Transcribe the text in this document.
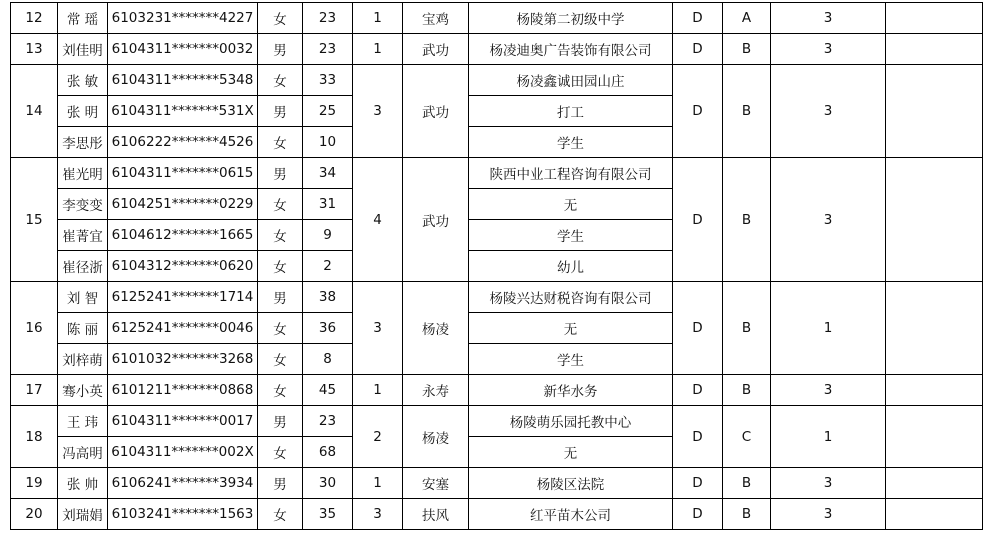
12	常 瑶	6103231*******4227	女	23	1	宝鸡	杨陵第二初级中学	D	A	3	
13	刘佳明	6104311*******0032	男	23	1	武功	杨凌迪奥广告装饰有限公司	D	B	3	
14	张 敏	6104311*******5348	女	33	3	武功	杨凌鑫诚田园山庄	D	B	3	
	张 明	6104311*******531X	男	25			打工				
	李思彤	6106222*******4526	女	10			学生				
15	崔光明	6104311*******0615	男	34	4	武功	陕西中业工程咨询有限公司	D	B	3	
	李变变	6104251*******0229	女	31			无				
	崔菁宜	6104612*******1665	女	9			学生				
	崔径浙	6104312*******0620	女	2			幼儿				
16	刘 智	6125241*******1714	男	38	3	杨凌	杨陵兴达财税咨询有限公司	D	B	1	
	陈 丽	6125241*******0046	女	36			无				
	刘梓萌	6101032*******3268	女	8			学生				
17	骞小英	6101211*******0868	女	45	1	永寿	新华水务	D	B	3	
18	王 玮	6104311*******0017	男	23	2	杨凌	杨陵萌乐园托教中心	D	C	1	
	冯高明	6104311*******002X	女	68			无				
19	张 帅	6106241*******3934	男	30	1	安塞	杨陵区法院	D	B	3	
20	刘瑞娟	6103241*******1563	女	35	3	扶风	红平苗木公司	D	B	3	
